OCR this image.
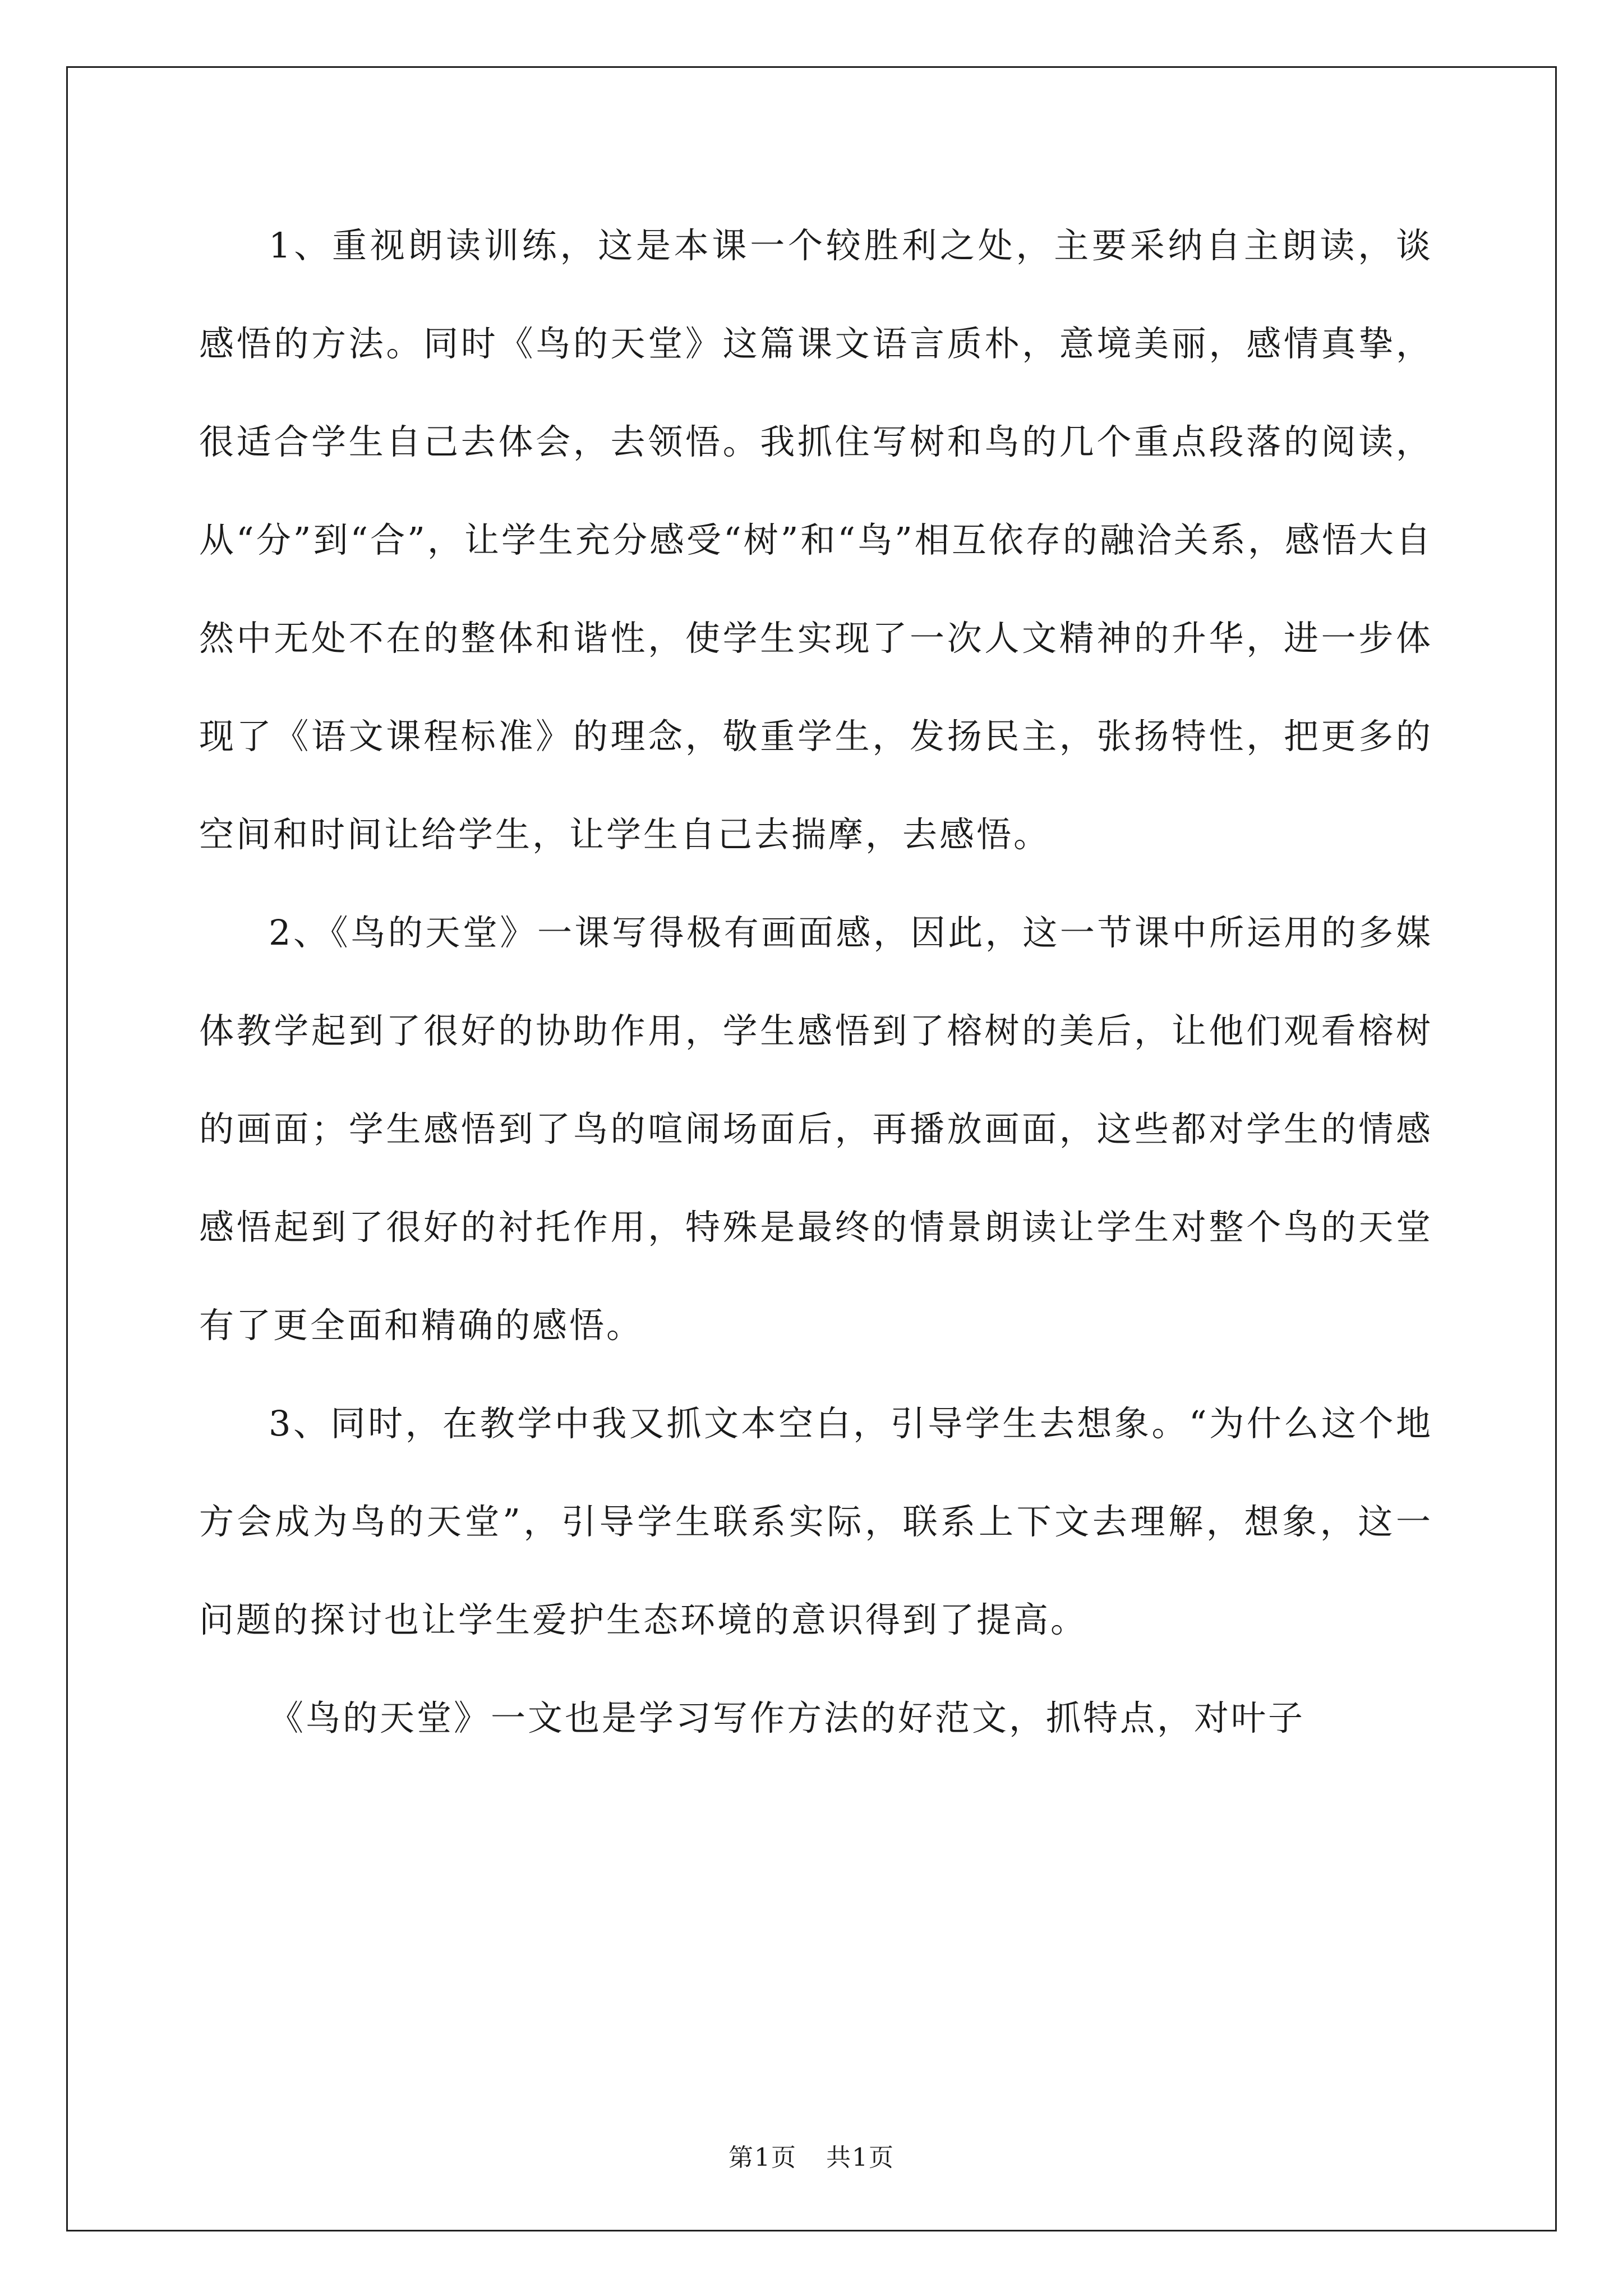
1、重视朗读训练，这是本课一个较胜利之处，主要采纳自主朗读，谈感悟的方法。同时《鸟的天堂》这篇课文语言质朴，意境美丽，感情真挚，很适合学生自己去体会，去领悟。我抓住写树和鸟的几个重点段落的阅读，从“分”到“合”，让学生充分感受“树”和“鸟”相互依存的融洽关系，感悟大自然中无处不在的整体和谐性，使学生实现了一次人文精神的升华，进一步体现了《语文课程标准》的理念，敬重学生，发扬民主，张扬特性，把更多的空间和时间让给学生，让学生自己去揣摩，去感悟。

2、《鸟的天堂》一课写得极有画面感，因此，这一节课中所运用的多媒体教学起到了很好的协助作用，学生感悟到了榕树的美后，让他们观看榕树的画面；学生感悟到了鸟的喧闹场面后，再播放画面，这些都对学生的情感感悟起到了很好的衬托作用，特殊是最终的情景朗读让学生对整个鸟的天堂有了更全面和精确的感悟。

3、同时，在教学中我又抓文本空白，引导学生去想象。“为什么这个地方会成为鸟的天堂”，引导学生联系实际，联系上下文去理解，想象，这一问题的探讨也让学生爱护生态环境的意识得到了提高。

《鸟的天堂》一文也是学习写作方法的好范文，抓特点，对叶子

第1页 共1页
